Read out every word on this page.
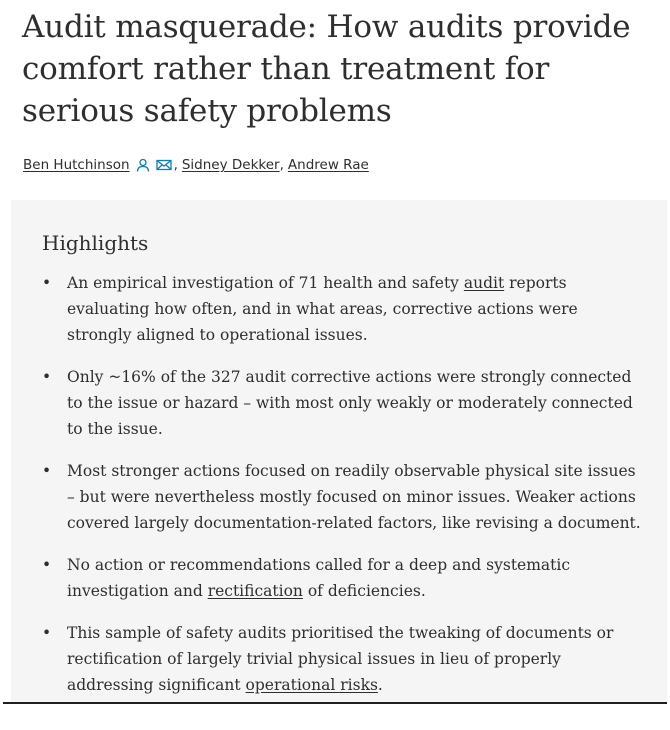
Audit masquerade: How audits provide comfort rather than treatment for serious safety problems
Ben Hutchinson	, Sidney Dekker , Andrew Rae
Highlights
• An empirical investigation of 71 health and safety audit reports evaluating how often, and in what areas, corrective actions were strongly aligned to operational issues.
• Only ~16% of the 327 audit corrective actions were strongly connected to the issue or hazard – with most only weakly or moderately connected to the issue.
• Most stronger actions focused on readily observable physical site issues – but were nevertheless mostly focused on minor issues. Weaker actions covered largely documentation-related factors, like revising a document.
• No action or recommendations called for a deep and systematic investigation and rectification of deficiencies.
• This sample of safety audits prioritised the tweaking of documents or rectification of largely trivial physical issues in lieu of properly addressing significant operational risks.
